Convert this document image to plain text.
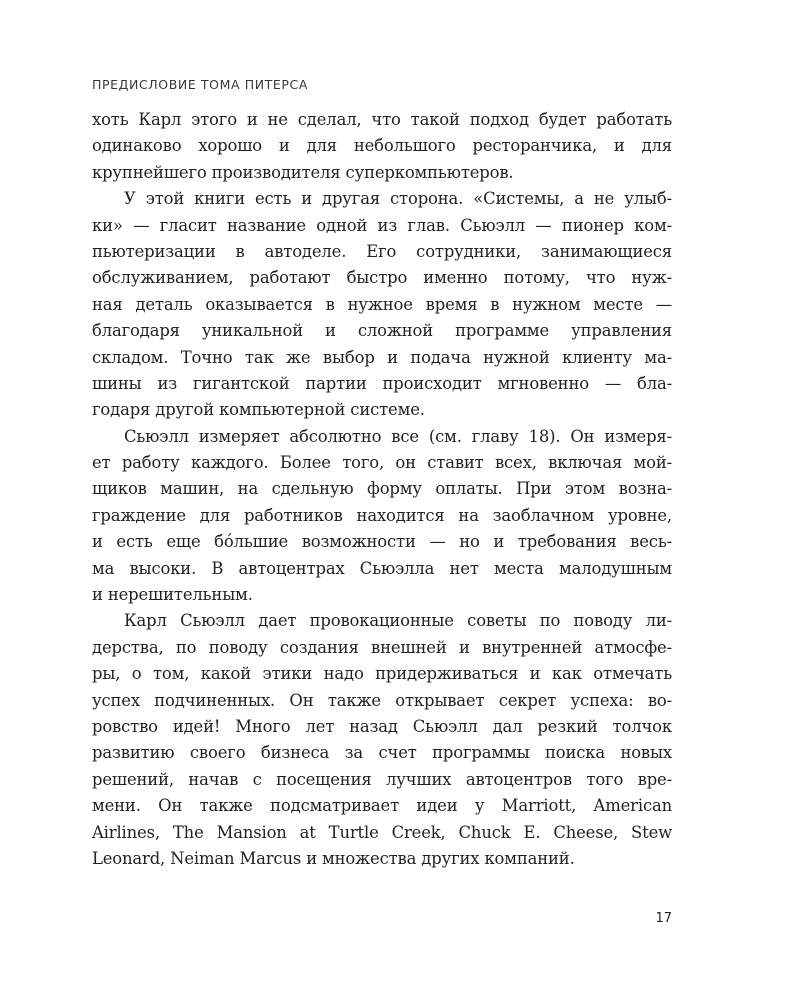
ПРЕДИСЛОВИЕ ТОМА ПИТЕРСА
хоть Карл этого и не сделал, что такой подход будет работать
одинаково хорошо и для небольшого ресторанчика, и для
крупнейшего производителя суперкомпьютеров.
У этой книги есть и другая сторона. «Системы, а не улыб-
ки» — гласит название одной из глав. Сьюэлл — пионер ком-
пьютеризации в автоделе. Его сотрудники, занимающиеся
обслуживанием, работают быстро именно потому, что нуж-
ная деталь оказывается в нужное время в нужном месте —
благодаря уникальной и сложной программе управления
складом. Точно так же выбор и подача нужной клиенту ма-
шины из гигантской партии происходит мгновенно — бла-
годаря другой компьютерной системе.
Сьюэлл измеряет абсолютно все (см. главу 18). Он измеря-
ет работу каждого. Более того, он ставит всех, включая мой-
щиков машин, на сдельную форму оплаты. При этом возна-
граждение для работников находится на заоблачном уровне,
и есть еще бóльшие возможности — но и требования весь-
ма высоки. В автоцентрах Сьюэлла нет места малодушным
и нерешительным.
Карл Сьюэлл дает провокационные советы по поводу ли-
дерства, по поводу создания внешней и внутренней атмосфе-
ры, о том, какой этики надо придерживаться и как отмечать
успех подчиненных. Он также открывает секрет успеха: во-
ровство идей! Много лет назад Сьюэлл дал резкий толчок
развитию своего бизнеса за счет программы поиска новых
решений, начав с посещения лучших автоцентров того вре-
мени. Он также подсматривает идеи у Marriott, American
Airlines, The Mansion at Turtle Creek, Chuck E. Cheese, Stew
Leonard, Neiman Marcus и множества других компаний.
17
